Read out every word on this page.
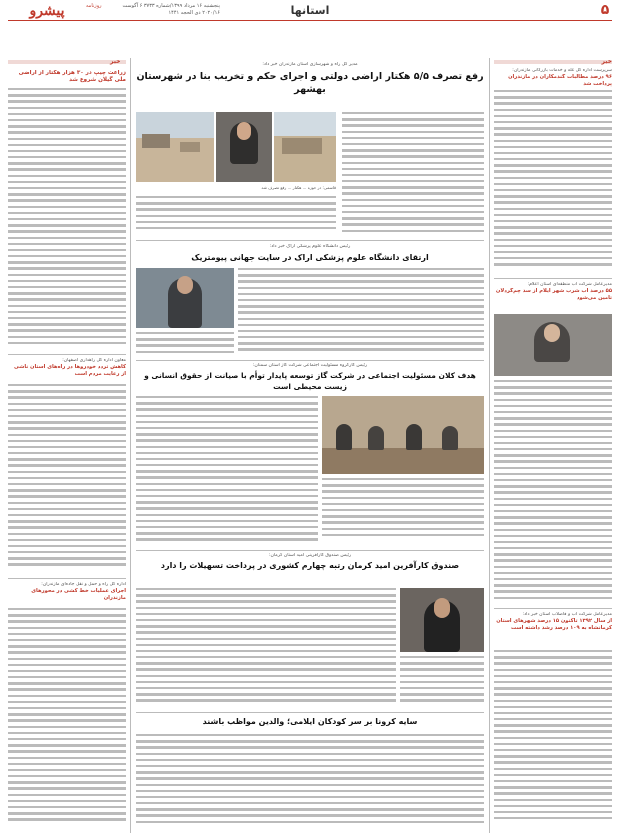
۵
استانها
پنجشنبه ۱۶ مرداد ۱۳۹۹/شماره ۳۷۳۳ ۶ آگوست ۲۰۲۰/۱۶ ذی الحجه ۱۴۴۱
پیشرو	روزنامه
خبر
خبر
سرپرست اداره کل غله و خدمات بازرگانی مازندران:
۹۶ درصد مطالبات گندمکاران در مازندران پرداخت شد
مدیرعامل شرکت آب منطقه‌ای استان اعلام:
۵۵ درصد آب شرب شهر ایلام از سد چم‌گردلان تامین می‌شود
مدیرعامل شرکت آب و فاضلاب استان خبر داد:
از سال ۱۳۹۲ تاکنون ۱۵ درصد شهرهای استان کرمانشاه به ۱۰۹ درصد رشد داشته است
زراعت چیپ در ۳۰ هزار هکتار از اراضی ملی گیلان شروع شد
معاون اداره کل راهداری اصفهان:
کاهش تردد خودروها در راه‌های استان ناشی از رعایت مردم است
اداره کل راه و حمل و نقل جاده‌ای مازندران:
اجرای عملیات خط کشی در محورهای مازندران
مدیر کل راه و شهرسازی استان مازندران خبر داد:
رفع تصرف ۵/۵ هکتار اراضی دولتی و اجرای حکم و تخریب بنا در شهرستان بهشهر
قاسمی: در حوزه ... هکتار ... رفع تصرف شد
رئیس دانشگاه علوم پزشکی اراک خبر داد:
ارتقای دانشگاه علوم پزشکی اراک در سایت جهانی پیومتریک
رئیس کارگروه مسئولیت اجتماعی شرکت گاز استان سمنان:
هدف کلان مسئولیت اجتماعی در شرکت گاز توسعه پایدار توأم با صیانت از حقوق انسانی و زیست محیطی است
رئیس صندوق کارآفرینی امید استان کرمان:
صندوق کارآفرین امید کرمان رتبه چهارم کشوری در پرداخت تسهیلات را دارد
سایه کرونا بر سر کودکان ایلامی؛ والدین مواظب باشند
